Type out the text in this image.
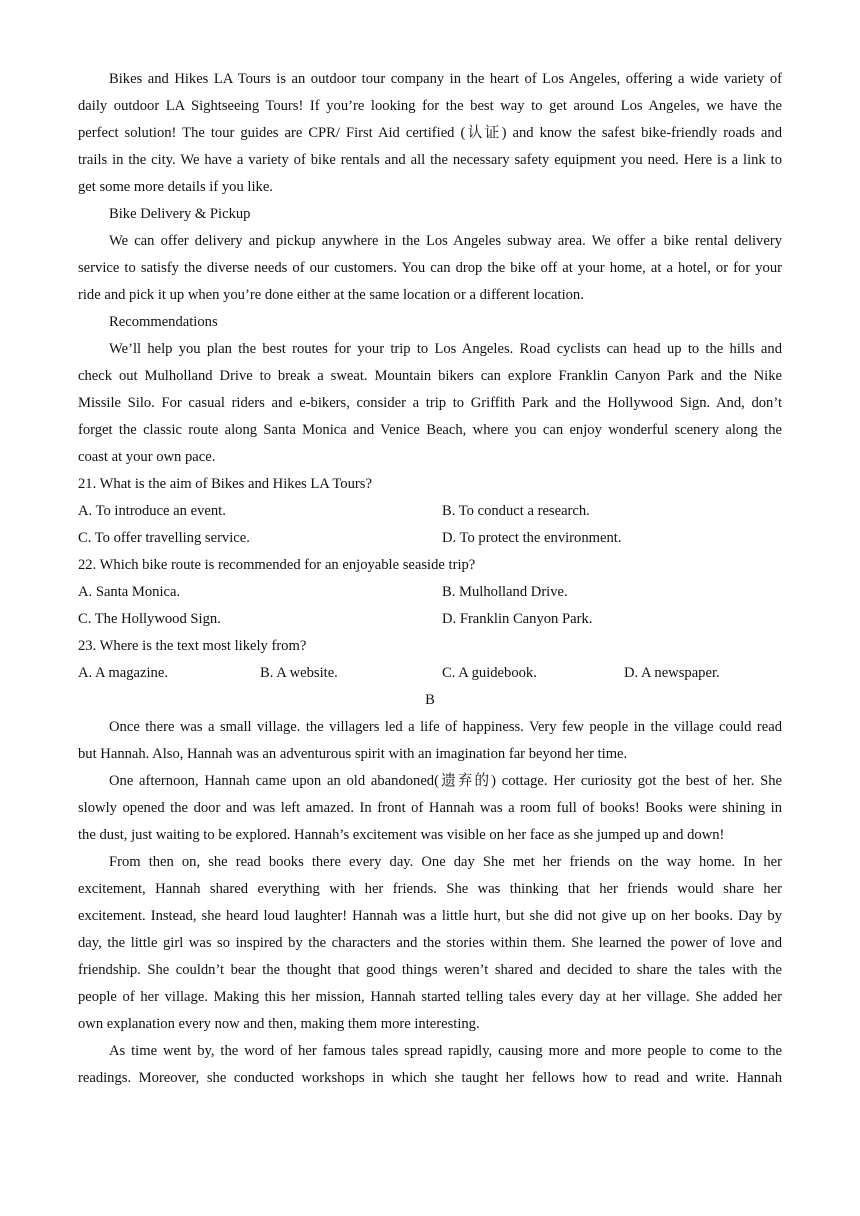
Bikes and Hikes LA Tours is an outdoor tour company in the heart of Los Angeles, offering a wide variety of
daily outdoor LA Sightseeing Tours! If you’re looking for the best way to get around Los Angeles, we have the
perfect solution! The tour guides are CPR/ First Aid certified (认证) and know the safest bike-friendly roads and
trails in the city. We have a variety of bike rentals and all the necessary safety equipment you need. Here is a link to
get some more details if you like.
Bike Delivery & Pickup
We can offer delivery and pickup anywhere in the Los Angeles subway area. We offer a bike rental delivery
service to satisfy the diverse needs of our customers. You can drop the bike off at your home, at a hotel, or for your
ride and pick it up when you’re done either at the same location or a different location.
Recommendations
We’ll help you plan the best routes for your trip to Los Angeles. Road cyclists can head up to the hills and
check out Mulholland Drive to break a sweat. Mountain bikers can explore Franklin Canyon Park and the Nike
Missile Silo. For casual riders and e-bikers, consider a trip to Griffith Park and the Hollywood Sign. And, don’t
forget the classic route along Santa Monica and Venice Beach, where you can enjoy wonderful scenery along the
coast at your own pace.
21. What is the aim of Bikes and Hikes LA Tours?
A. To introduce an event.	B. To conduct a research.
C. To offer travelling service.	D. To protect the environment.
22. Which bike route is recommended for an enjoyable seaside trip?
A. Santa Monica.	B. Mulholland Drive.
C. The Hollywood Sign.	D. Franklin Canyon Park.
23. Where is the text most likely from?
A. A magazine.	B. A website.	C. A guidebook.	D. A newspaper.
B
Once there was a small village. the villagers led a life of happiness. Very few people in the village could read
but Hannah. Also, Hannah was an adventurous spirit with an imagination far beyond her time.
One afternoon, Hannah came upon an old abandoned(遗弃的) cottage. Her curiosity got the best of her. She
slowly opened the door and was left amazed. In front of Hannah was a room full of books! Books were shining in
the dust, just waiting to be explored. Hannah’s excitement was visible on her face as she jumped up and down!
From then on, she read books there every day. One day She met her friends on the way home. In her
excitement, Hannah shared everything with her friends. She was thinking that her friends would share her
excitement. Instead, she heard loud laughter! Hannah was a little hurt, but she did not give up on her books. Day by
day, the little girl was so inspired by the characters and the stories within them. She learned the power of love and
friendship. She couldn’t bear the thought that good things weren’t shared and decided to share the tales with the
people of her village. Making this her mission, Hannah started telling tales every day at her village. She added her
own explanation every now and then, making them more interesting.
As time went by, the word of her famous tales spread rapidly, causing more and more people to come to the
readings. Moreover, she conducted workshops in which she taught her fellows how to read and write. Hannah
